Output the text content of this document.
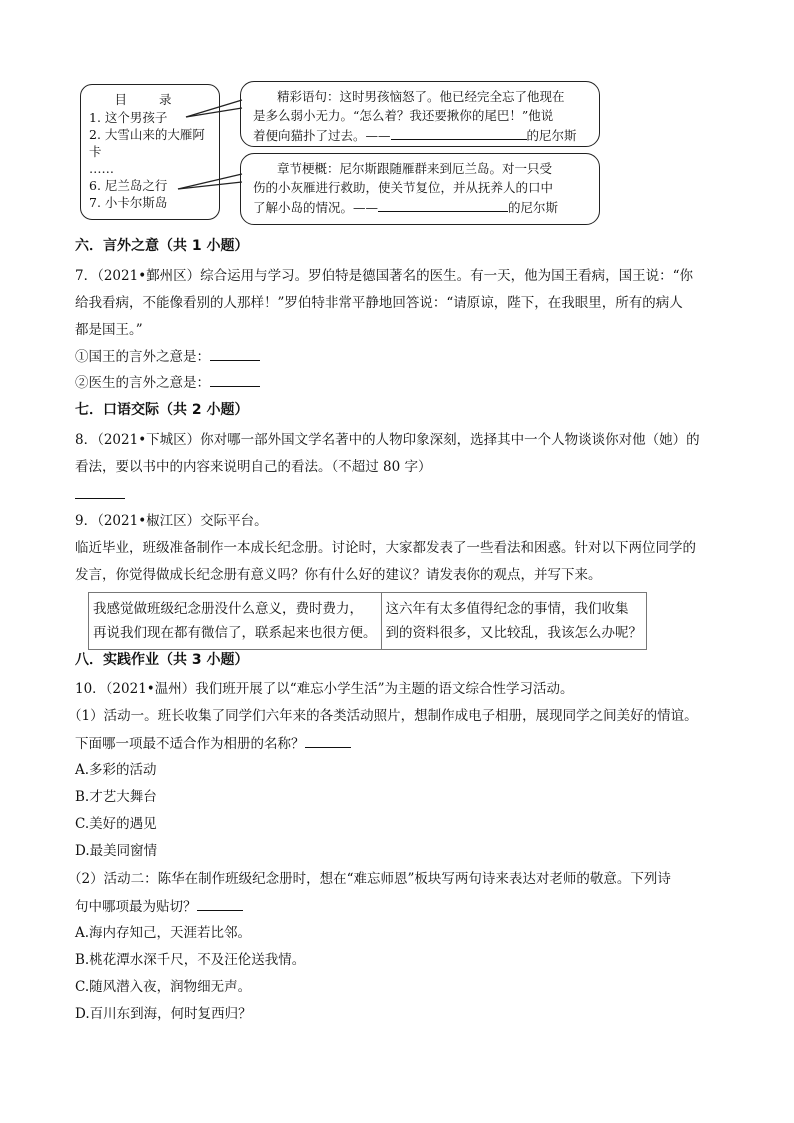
目 录
1. 这个男孩子
2. 大雪山来的大雁阿
卡
……
6. 尼兰岛之行
7. 小卡尔斯岛
精彩语句：这时男孩恼怒了。他已经完全忘了他现在
是多么弱小无力。“怎么着？我还要揪你的尾巴！”他说
着便向猫扑了过去。——	的尼尔斯
章节梗概：尼尔斯跟随雁群来到厄兰岛。对一只受
伤的小灰雁进行救助，使关节复位，并从抚养人的口中
了解小岛的情况。——	的尼尔斯
六．言外之意（共 1 小题）
7．（2021•鄞州区）综合运用与学习。罗伯特是德国著名的医生。有一天，他为国王看病，国王说：“你
给我看病，不能像看别的人那样！”罗伯特非常平静地回答说：“请原谅，陛下，在我眼里，所有的病人
都是国王。”
①国王的言外之意是：
②医生的言外之意是：
七．口语交际（共 2 小题）
8．（2021•下城区）你对哪一部外国文学名著中的人物印象深刻，选择其中一个人物谈谈你对他（她）的
看法，要以书中的内容来说明自己的看法。（不超过 80 字）
9．（2021•椒江区）交际平台。
临近毕业，班级准备制作一本成长纪念册。讨论时，大家都发表了一些看法和困惑。针对以下两位同学的
发言，你觉得做成长纪念册有意义吗？你有什么好的建议？请发表你的观点，并写下来。
我感觉做班级纪念册没什么意义，费时费力，
再说我们现在都有微信了，联系起来也很方便。

这六年有太多值得纪念的事情，我们收集
到的资料很多，又比较乱，我该怎么办呢？
八．实践作业（共 3 小题）
10．（2021•温州）我们班开展了以“难忘小学生活”为主题的语文综合性学习活动。
（1）活动一。班长收集了同学们六年来的各类活动照片，想制作成电子相册，展现同学之间美好的情谊。
下面哪一项最不适合作为相册的名称？
A.多彩的活动
B.才艺大舞台
C.美好的遇见
D.最美同窗情
（2）活动二：陈华在制作班级纪念册时，想在“难忘师恩”板块写两句诗来表达对老师的敬意。下列诗
句中哪项最为贴切？
A.海内存知己，天涯若比邻。
B.桃花潭水深千尺，不及汪伦送我情。
C.随风潜入夜，润物细无声。
D.百川东到海，何时复西归？
